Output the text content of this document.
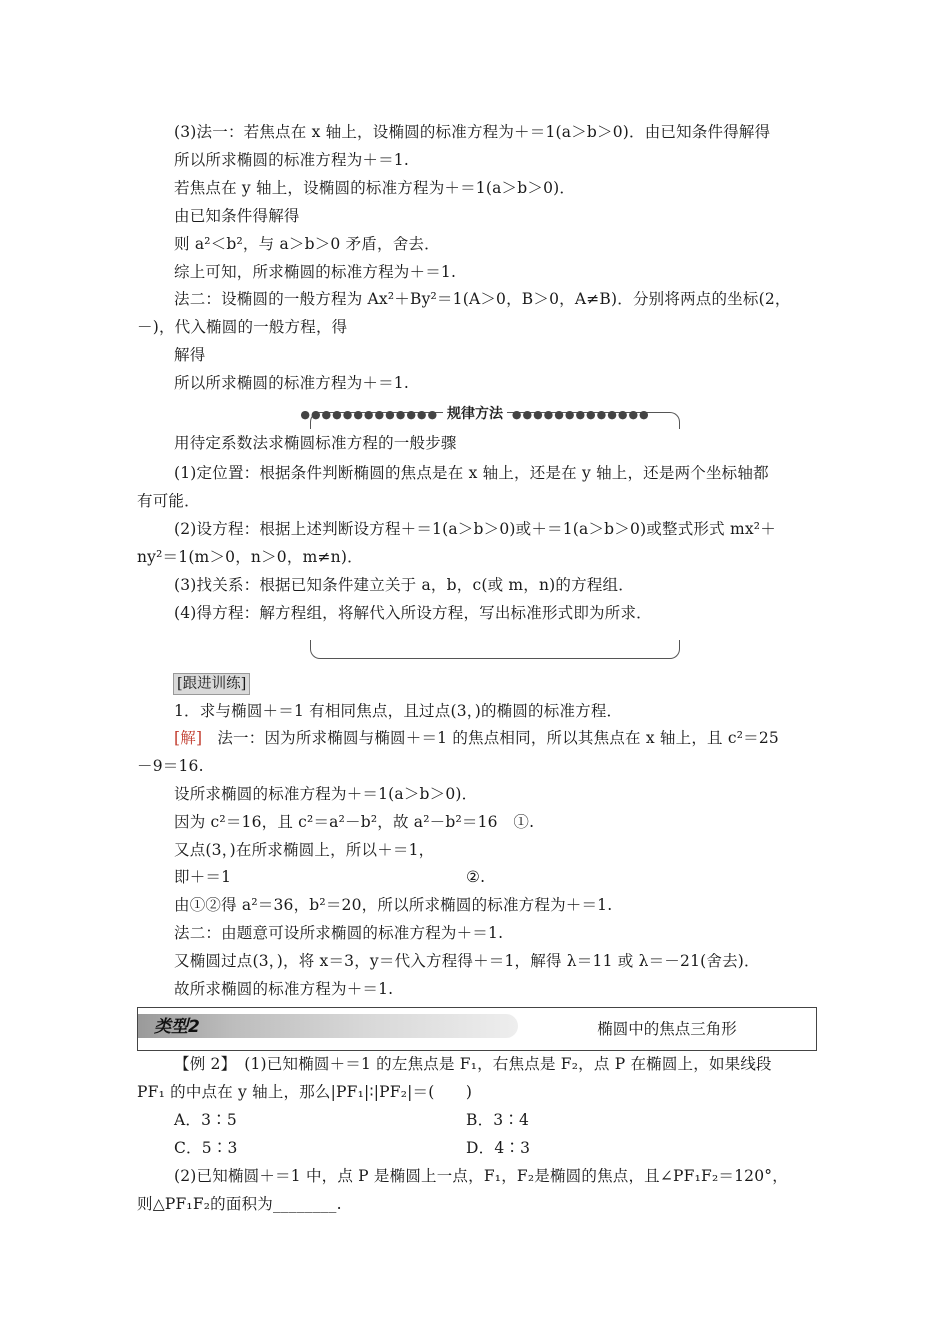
(3)法一：若焦点在 x 轴上，设椭圆的标准方程为＋＝1(a＞b＞0)．由已知条件得解得
所以所求椭圆的标准方程为＋＝1.
若焦点在 y 轴上，设椭圆的标准方程为＋＝1(a＞b＞0)．
由已知条件得解得
则 a²＜b²，与 a＞b＞0 矛盾，舍去．
综上可知，所求椭圆的标准方程为＋＝1.
法二：设椭圆的一般方程为 Ax²＋By²＝1(A＞0，B＞0，A≠B)．分别将两点的坐标(2，
－)，代入椭圆的一般方程，得
解得
所以所求椭圆的标准方程为＋＝1.
●●●●●●●●●●●●● 规律方法 ●●●●●●●●●●●●●
用待定系数法求椭圆标准方程的一般步骤
(1)定位置：根据条件判断椭圆的焦点是在 x 轴上，还是在 y 轴上，还是两个坐标轴都
有可能．
(2)设方程：根据上述判断设方程＋＝1(a＞b＞0)或＋＝1(a＞b＞0)或整式形式 mx²＋
ny²＝1(m＞0，n＞0，m≠n)．
(3)找关系：根据已知条件建立关于 a，b，c(或 m，n)的方程组．
(4)得方程：解方程组，将解代入所设方程，写出标准形式即为所求．
[跟进训练]
1．求与椭圆＋＝1 有相同焦点，且过点(3，)的椭圆的标准方程．
[解] 法一：因为所求椭圆与椭圆＋＝1 的焦点相同，所以其焦点在 x 轴上，且 c²＝25
－9＝16.
设所求椭圆的标准方程为＋＝1(a＞b＞0)．
因为 c²＝16，且 c²＝a²－b²，故 a²－b²＝16　①.
又点(3，)在所求椭圆上，所以＋＝1，
即＋＝1	②.
由①②得 a²＝36，b²＝20，所以所求椭圆的标准方程为＋＝1.
法二：由题意可设所求椭圆的标准方程为＋＝1.
又椭圆过点(3，)，将 x＝3，y＝代入方程得＋＝1，解得 λ＝11 或 λ＝－21(舍去)．
故所求椭圆的标准方程为＋＝1.
类型2	椭圆中的焦点三角形
【例 2】　(1)已知椭圆＋＝1 的左焦点是 F₁，右焦点是 F₂，点 P 在椭圆上，如果线段
PF₁ 的中点在 y 轴上，那么|PF₁|∶|PF₂|＝(　　)
A．3∶5	B．3∶4
C．5∶3	D．4∶3
(2)已知椭圆＋＝1 中，点 P 是椭圆上一点，F₁，F₂是椭圆的焦点，且∠PF₁F₂＝120°，
则△PF₁F₂的面积为________.
